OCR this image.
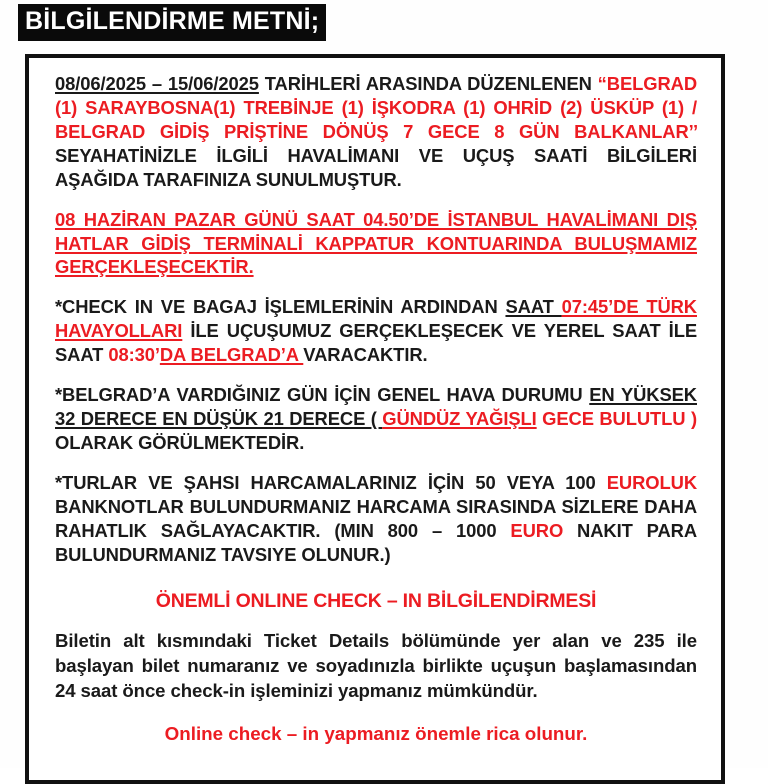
BİLGİLENDİRME METNİ;

08/06/2025 – 15/06/2025 TARİHLERİ ARASINDA DÜZENLENEN “BELGRAD (1) SARAYBOSNA(1) TREBİNJE (1) İŞKODRA (1) OHRİD (2) ÜSKÜP (1) / BELGRAD GİDİŞ PRİŞTİNE DÖNÜŞ 7 GECE 8 GÜN BALKANLAR’’ SEYAHATİNİZLE İLGİLİ HAVALİMANI VE UÇUŞ SAATİ BİLGİLERİ AŞAĞIDA TARAFINIZA SUNULMUŞTUR.

08 HAZİRAN PAZAR GÜNÜ SAAT 04.50’DE İSTANBUL HAVALİMANI DIŞ HATLAR GİDİŞ TERMİNALİ KAPPATUR KONTUARINDA BULUŞMAMIZ GERÇEKLEŞECEKTİR.

*CHECK IN VE BAGAJ İŞLEMLERİNİN ARDINDAN SAAT 07:45’DE TÜRK HAVAYOLLARI İLE UÇUŞUMUZ GERÇEKLEŞECEK VE YEREL SAAT İLE SAAT 08:30’DA BELGRAD’A VARACAKTIR.

*BELGRAD’A VARDIĞINIZ GÜN İÇİN GENEL HAVA DURUMU EN YÜKSEK 32 DERECE EN DÜŞÜK 21 DERECE ( GÜNDÜZ YAĞIŞLI GECE BULUTLU ) OLARAK GÖRÜLMEKTEDİR.

*TURLAR VE ŞAHSI HARCAMALARINIZ İÇİN 50 VEYA 100 EUROLUK BANKNOTLAR BULUNDURMANIZ HARCAMA SIRASINDA SİZLERE DAHA RAHATLIK SAĞLAYACAKTIR. (MIN 800 – 1000 EURO NAKIT PARA BULUNDURMANIZ TAVSIYE OLUNUR.)

ÖNEMLİ ONLINE CHECK – IN BİLGİLENDİRMESİ

Biletin alt kısmındaki Ticket Details bölümünde yer alan ve 235 ile başlayan bilet numaranız ve soyadınızla birlikte uçuşun başlamasından 24 saat önce check-in işleminizi yapmanız mümkündür.

Online check – in yapmanız önemle rica olunur.
